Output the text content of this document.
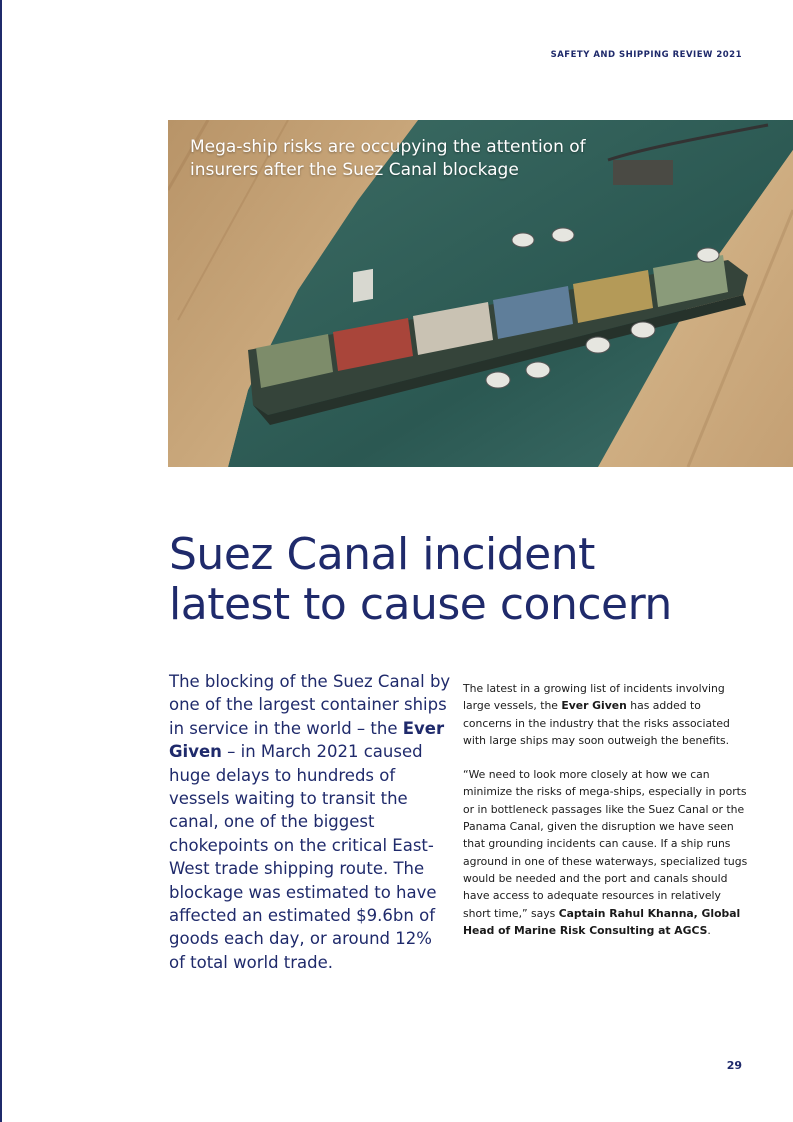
SAFETY AND SHIPPING REVIEW 2021
Mega-ship risks are occupying the attention of insurers after the Suez Canal blockage
Suez Canal incident
latest to cause concern

The blocking of the Suez Canal by one of the largest container ships in service in the world – the Ever Given – in March 2021 caused huge delays to hundreds of vessels waiting to transit the canal, one of the biggest chokepoints on the critical East-West trade shipping route. The blockage was estimated to have affected an estimated $9.6bn of goods each day, or around 12% of total world trade.

The latest in a growing list of incidents involving large vessels, the Ever Given has added to concerns in the industry that the risks associated with large ships may soon outweigh the benefits.

“We need to look more closely at how we can minimize the risks of mega-ships, especially in ports or in bottleneck passages like the Suez Canal or the Panama Canal, given the disruption we have seen that grounding incidents can cause. If a ship runs aground in one of these waterways, specialized tugs would be needed and the port and canals should have access to adequate resources in relatively short time,” says Captain Rahul Khanna, Global Head of Marine Risk Consulting at AGCS.

29
